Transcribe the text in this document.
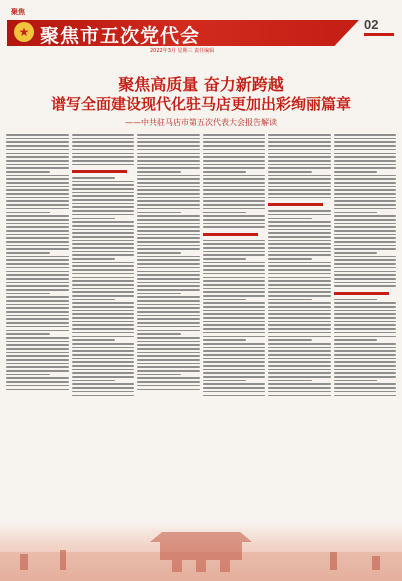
聚焦
★ 聚焦市五次党代会
2022年3月 星期三 责任编辑
02
聚焦高质量 奋力新跨越
谱写全面建设现代化驻马店更加出彩绚丽篇章
——中共驻马店市第五次代表大会报告解读
